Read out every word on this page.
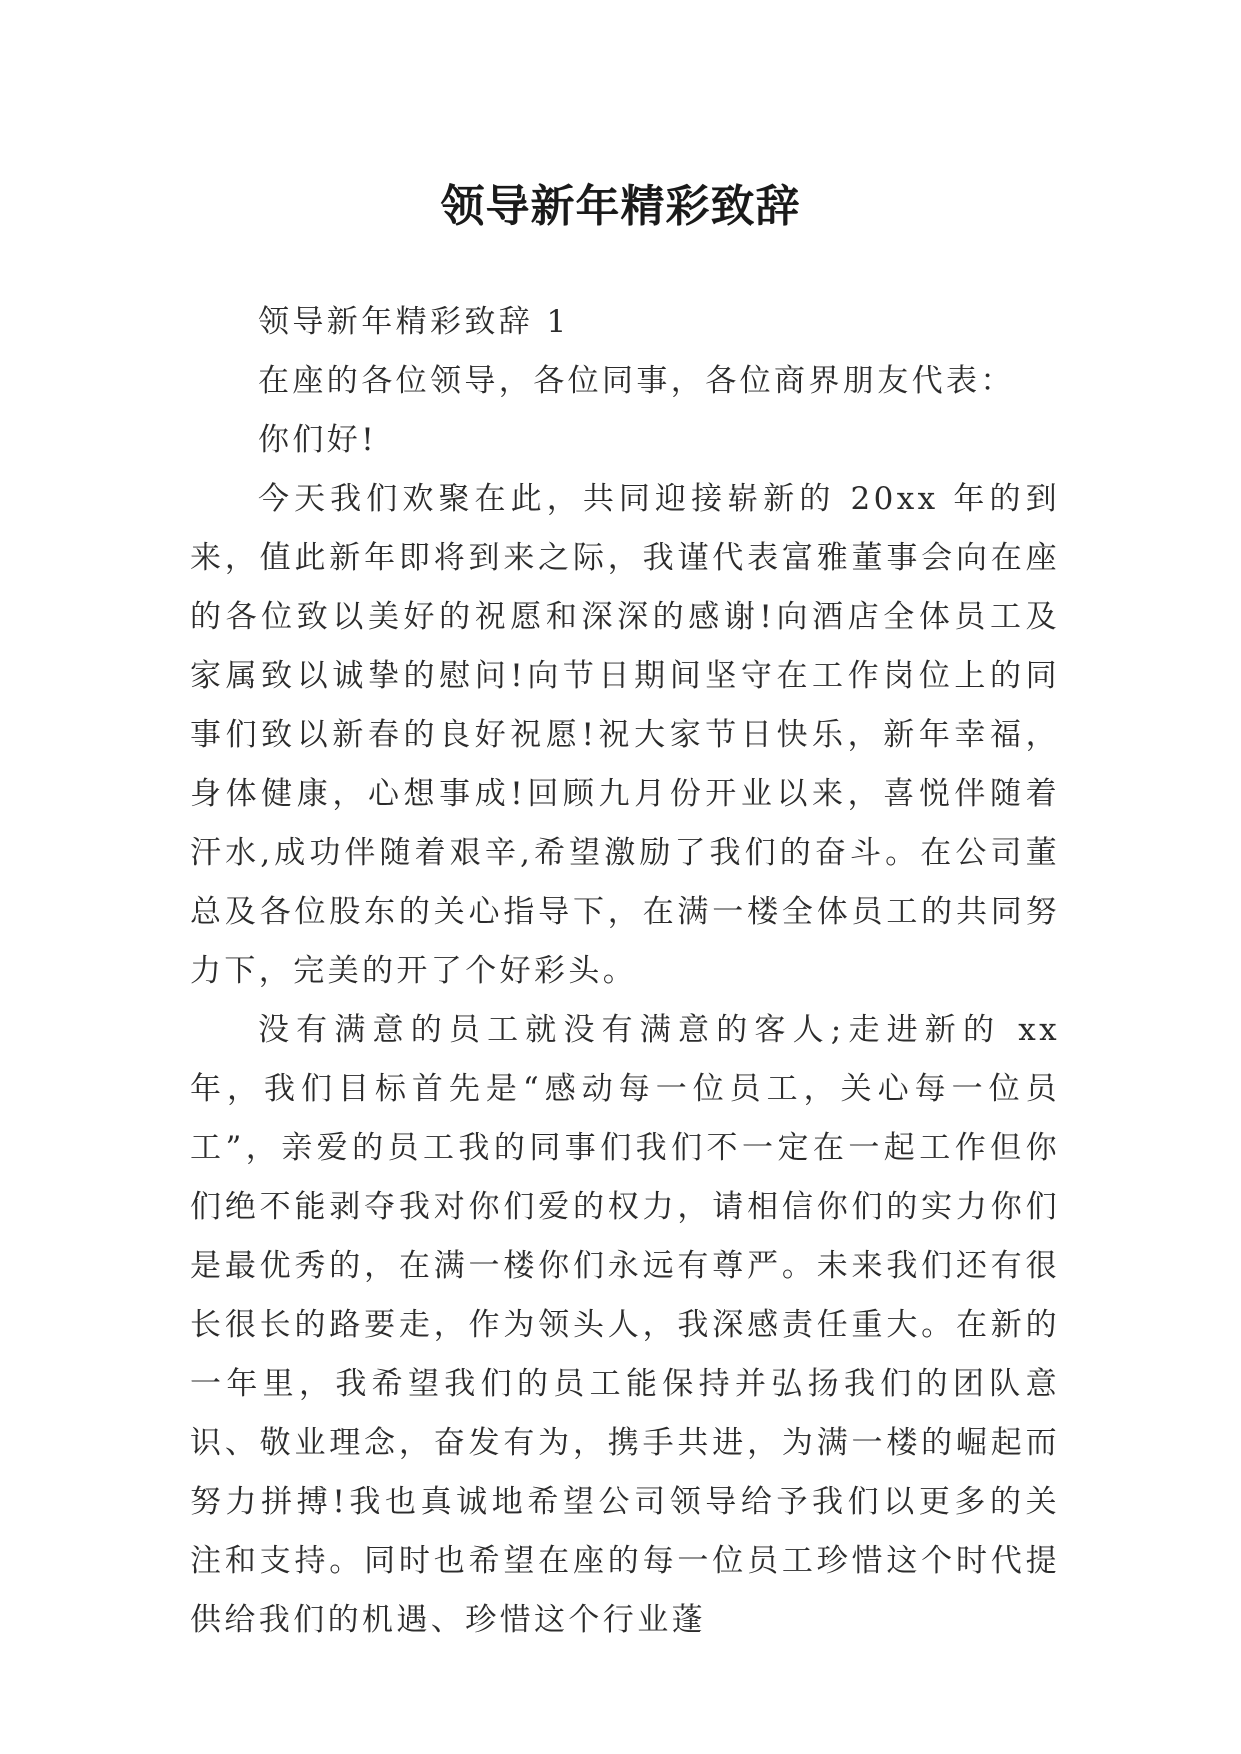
领导新年精彩致辞

领导新年精彩致辞 1

在座的各位领导，各位同事，各位商界朋友代表：

你们好!

今天我们欢聚在此，共同迎接崭新的 20xx 年的到来，值此新年即将到来之际，我谨代表富雅董事会向在座的各位致以美好的祝愿和深深的感谢!向酒店全体员工及家属致以诚挚的慰问!向节日期间坚守在工作岗位上的同事们致以新春的良好祝愿!祝大家节日快乐，新年幸福，身体健康，心想事成!回顾九月份开业以来，喜悦伴随着汗水,成功伴随着艰辛,希望激励了我们的奋斗。在公司董总及各位股东的关心指导下，在满一楼全体员工的共同努力下，完美的开了个好彩头。

没有满意的员工就没有满意的客人;走进新的 xx 年，我们目标首先是“感动每一位员工，关心每一位员工”，亲爱的员工我的同事们我们不一定在一起工作但你们绝不能剥夺我对你们爱的权力，请相信你们的实力你们是最优秀的，在满一楼你们永远有尊严。未来我们还有很长很长的路要走，作为领头人，我深感责任重大。在新的一年里，我希望我们的员工能保持并弘扬我们的团队意识、敬业理念，奋发有为，携手共进，为满一楼的崛起而努力拼搏!我也真诚地希望公司领导给予我们以更多的关注和支持。同时也希望在座的每一位员工珍惜这个时代提供给我们的机遇、珍惜这个行业蓬
